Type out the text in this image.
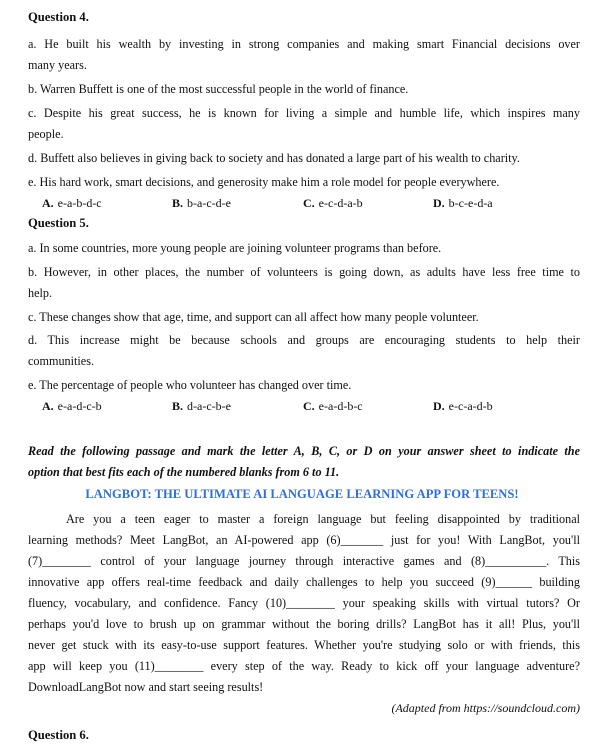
Question 4.
a. He built his wealth by investing in strong companies and making smart Financial decisions over
many years.
b. Warren Buffett is one of the most successful people in the world of finance.
c. Despite his great success, he is known for living a simple and humble life, which inspires many
people.
d. Buffett also believes in giving back to society and has donated a large part of his wealth to charity.
e. His hard work, smart decisions, and generosity make him a role model for people everywhere.
A. e-a-b-d-c	B. b-a-c-d-e	C. e-c-d-a-b	D. b-c-e-d-a
Question 5.
a. In some countries, more young people are joining volunteer programs than before.
b. However, in other places, the number of volunteers is going down, as adults have less free time to
help.
c. These changes show that age, time, and support can all affect how many people volunteer.
d. This increase might be because schools and groups are encouraging students to help their
communities.
e. The percentage of people who volunteer has changed over time.
A. e-a-d-c-b	B. d-a-c-b-e	C. e-a-d-b-c	D. e-c-a-d-b
Read the following passage and mark the letter A, B, C, or D on your answer sheet to indicate the
option that best fits each of the numbered blanks from 6 to 11.
LANGBOT: THE ULTIMATE AI LANGUAGE LEARNING APP FOR TEENS!
Are you a teen eager to master a foreign language but feeling disappointed by traditional
learning methods? Meet LangBot, an AI-powered app (6)_______ just for you! With LangBot, you'll
(7)________ control of your language journey through interactive games and (8)__________. This
innovative app offers real-time feedback and daily challenges to help you succeed (9)______ building
fluency, vocabulary, and confidence. Fancy (10)________ your speaking skills with virtual tutors? Or
perhaps you'd love to brush up on grammar without the boring drills? LangBot has it all! Plus, you'll
never get stuck with its easy-to-use support features. Whether you're studying solo or with friends, this
app will keep you (11)________ every step of the way. Ready to kick off your language adventure?
DownloadLangBot now and start seeing results!
(Adapted from https://soundcloud.com)
Question 6.
